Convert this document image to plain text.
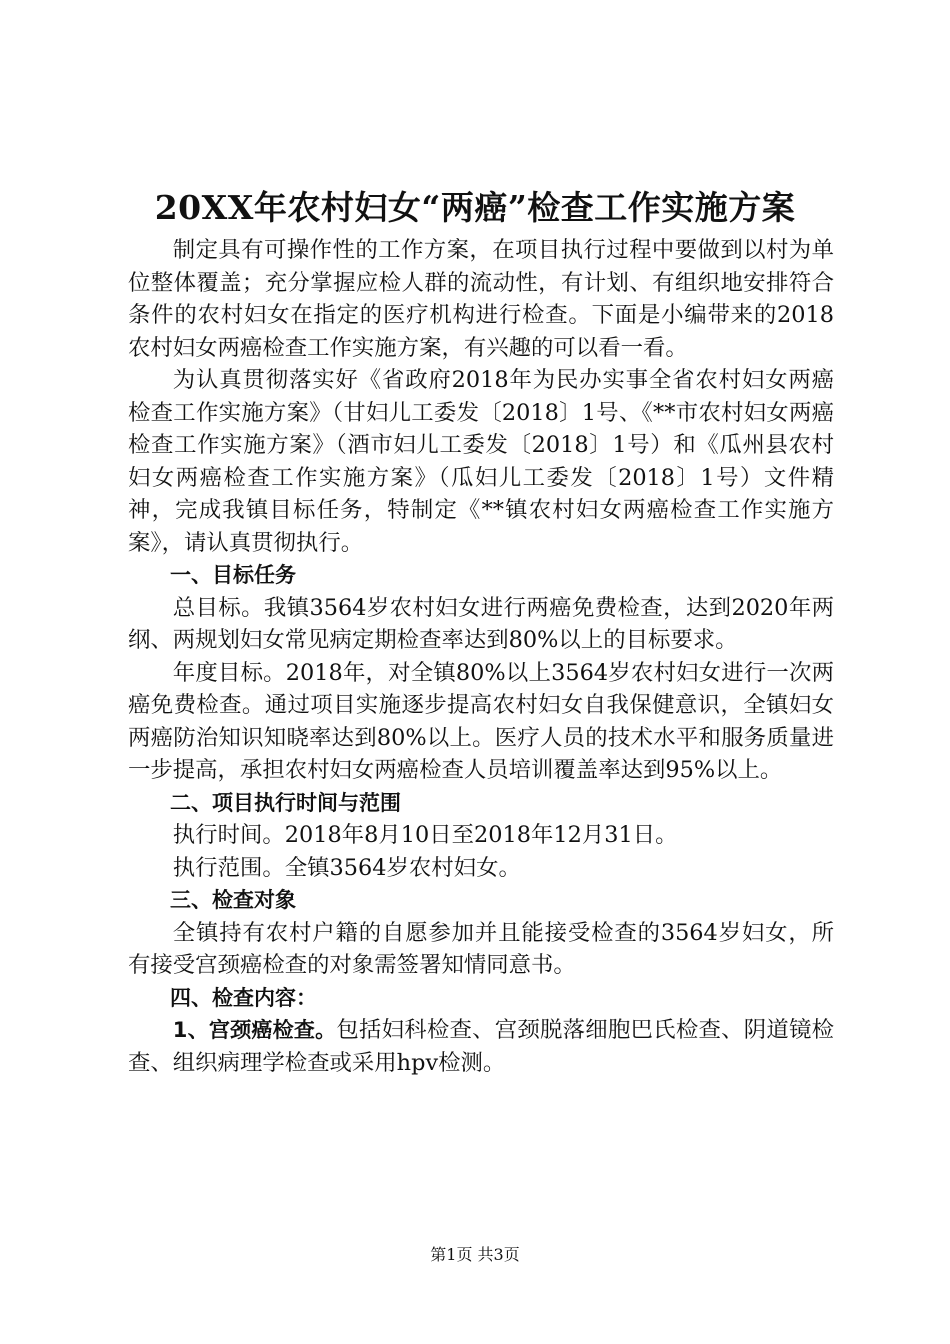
20XX年农村妇女“两癌”检查工作实施方案

制定具有可操作性的工作方案，在项目执行过程中要做到以村为单位整体覆盖；充分掌握应检人群的流动性，有计划、有组织地安排符合条件的农村妇女在指定的医疗机构进行检查。下面是小编带来的2018农村妇女两癌检查工作实施方案，有兴趣的可以看一看。

为认真贯彻落实好《省政府2018年为民办实事全省农村妇女两癌检查工作实施方案》（甘妇儿工委发〔2018〕1号、《**市农村妇女两癌检查工作实施方案》（酒市妇儿工委发〔2018〕1号）和《瓜州县农村妇女两癌检查工作实施方案》（瓜妇儿工委发〔2018〕1号）文件精神，完成我镇目标任务，特制定《**镇农村妇女两癌检查工作实施方案》，请认真贯彻执行。

一、目标任务

总目标。我镇3564岁农村妇女进行两癌免费检查，达到2020年两纲、两规划妇女常见病定期检查率达到80%以上的目标要求。

年度目标。2018年，对全镇80%以上3564岁农村妇女进行一次两癌免费检查。通过项目实施逐步提高农村妇女自我保健意识，全镇妇女两癌防治知识知晓率达到80%以上。医疗人员的技术水平和服务质量进一步提高，承担农村妇女两癌检查人员培训覆盖率达到95%以上。

二、项目执行时间与范围

执行时间。2018年8月10日至2018年12月31日。

执行范围。全镇3564岁农村妇女。

三、检查对象

全镇持有农村户籍的自愿参加并且能接受检查的3564岁妇女，所有接受宫颈癌检查的对象需签署知情同意书。

四、检查内容：

1、宫颈癌检查。包括妇科检查、宫颈脱落细胞巴氏检查、阴道镜检查、组织病理学检查或采用hpv检测。

第1页 共3页
